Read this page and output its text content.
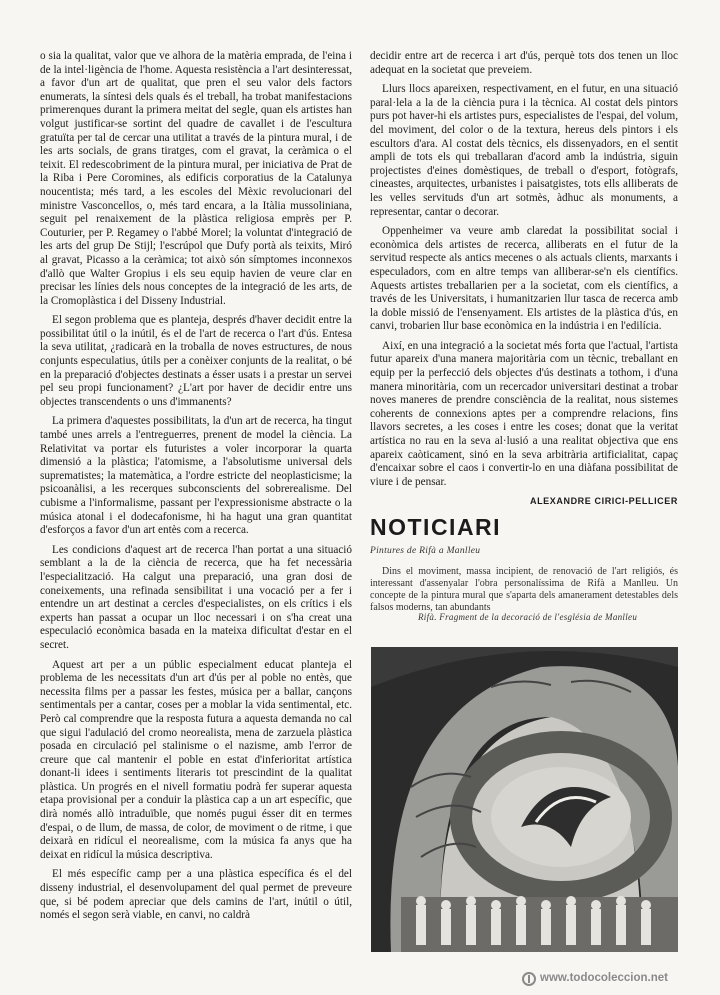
o sia la qualitat, valor que ve alhora de la matèria emprada, de l'eina i de la intel·ligència de l'home. Aquesta resistència a l'art desinteressat, a favor d'un art de qualitat, que pren el seu valor dels factors enumerats, la síntesi dels quals és el treball, ha trobat manifestacions primerenques durant la primera meitat del segle, quan els artistes han volgut justificar-se sortint del quadre de cavallet i de l'escultura gratuïta per tal de cercar una utilitat a través de la pintura mural, i de les arts socials, de grans tiratges, com el gravat, la ceràmica o el teixit. El redescobriment de la pintura mural, per iniciativa de Prat de la Riba i Pere Coromines, als edificis corporatius de la Catalunya noucentista; més tard, a les escoles del Mèxic revolucionari del ministre Vasconcellos, o, més tard encara, a la Itàlia mussoliniana, seguit pel renaixement de la plàstica religiosa emprès per P. Couturier, per P. Regamey o l'abbé Morel; la voluntat d'integració de les arts del grup De Stijl; l'escrúpol que Dufy portà als teixits, Miró al gravat, Picasso a la ceràmica; tot això són símptomes inconnexos d'allò que Walter Gropius i els seu equip havien de veure clar en precisar les línies dels nous conceptes de la integració de les arts, de la Cromoplàstica i del Disseny Industrial.

El segon problema que es planteja, després d'haver decidit entre la possibilitat útil o la inútil, és el de l'art de recerca o l'art d'ús. Entesa la seva utilitat, ¿radicarà en la troballa de noves estructures, de nous conjunts especulatius, útils per a conèixer conjunts de la realitat, o bé en la preparació d'objectes destinats a ésser usats i a prestar un servei pel seu propi funcionament? ¿L'art por haver de decidir entre uns objectes transcendents o uns d'immanents?

La primera d'aquestes possibilitats, la d'un art de recerca, ha tingut també unes arrels a l'entreguerres, prenent de model la ciència. La Relativitat va portar els futuristes a voler incorporar la quarta dimensió a la plàstica; l'atomisme, a l'absolutisme universal dels suprematistes; la matemàtica, a l'ordre estricte del neoplasticisme; la psicoanàlisi, a les recerques subconscients del sobrerealisme. Del cubisme a l'informalisme, passant per l'expressionisme abstracte o la música atonal i el dodecafonisme, hi ha hagut una gran quantitat d'esforços a favor d'un art entès com a recerca.

Les condicions d'aquest art de recerca l'han portat a una situació semblant a la de la ciència de recerca, que ha fet necessària l'especialització. Ha calgut una preparació, una gran dosi de coneixements, una refinada sensibilitat i una vocació per a fer i entendre un art destinat a cercles d'especialistes, on els crítics i els experts han passat a ocupar un lloc necessari i on s'ha creat una especulació econòmica basada en la mateixa dificultat d'estar en el secret.

Aquest art per a un públic especialment educat planteja el problema de les necessitats d'un art d'ús per al poble no entès, que necessita films per a passar les festes, música per a ballar, cançons sentimentals per a cantar, coses per a moblar la vida sentimental, etc. Però cal comprendre que la resposta futura a aquesta demanda no cal que sigui l'adulació del cromo neorealista, mena de zarzuela plàstica posada en circulació pel stalinisme o el nazisme, amb l'error de creure que cal mantenir el poble en estat d'inferioritat artística donant-li idees i sentiments literaris tot prescindint de la qualitat plàstica. Un progrés en el nivell formatiu podrà fer superar aquesta etapa provisional per a conduir la plàstica cap a un art específic, que dirà només allò intraduïble, que només pugui ésser dit en termes d'espai, o de llum, de massa, de color, de moviment o de ritme, i que deixarà en ridícul el neorealisme, com la música fa anys que ha deixat en ridícul la música descriptiva.

El més específic camp per a una plàstica específica és el del disseny industrial, el desenvolupament del qual permet de preveure que, si bé podem apreciar que dels camins de l'art, inútil o útil, només el segon serà viable, en canvi, no caldrà

decidir entre art de recerca i art d'ús, perquè tots dos tenen un lloc adequat en la societat que preveiem.

Llurs llocs apareixen, respectivament, en el futur, en una situació paral·lela a la de la ciència pura i la tècnica. Al costat dels pintors purs pot haver-hi els artistes purs, especialistes de l'espai, del volum, del moviment, del color o de la textura, hereus dels pintors i els escultors d'ara. Al costat dels tècnics, els dissenyadors, en el sentit ampli de tots els qui treballaran d'acord amb la indústria, siguin projectistes d'eines domèstiques, de treball o d'esport, fotògrafs, cineastes, arquitectes, urbanistes i paisatgistes, tots ells alliberats de les velles servituds d'un art sotmès, àdhuc als monuments, a representar, cantar o decorar.

Oppenheimer va veure amb claredat la possibilitat social i econòmica dels artistes de recerca, alliberats en el futur de la servitud respecte als antics mecenes o als actuals clients, marxants i especuladors, com en altre temps van alliberar-se'n els científics. Aquests artistes treballarien per a la societat, com els científics, a través de les Universitats, i humanitzarien llur tasca de recerca amb la doble missió de l'ensenyament. Els artistes de la plàstica d'ús, en canvi, trobarien llur base econòmica en la indústria i en l'edilícia.

Així, en una integració a la societat més forta que l'actual, l'artista futur apareix d'una manera majoritària com un tècnic, treballant en equip per la perfecció dels objectes d'ús destinats a tothom, i d'una manera minoritària, com un recercador universitari destinat a trobar noves maneres de prendre consciència de la realitat, nous sistemes coherents de connexions aptes per a comprendre relacions, fins llavors secretes, a les coses i entre les coses; donat que la veritat artística no rau en la seva al·lusió a una realitat objectiva que ens apareix caòticament, sinó en la seva arbitrària artificialitat, capaç d'encaixar sobre el caos i convertir-lo en una diàfana possibilitat de viure i de pensar.

ALEXANDRE CIRICI-PELLICER
NOTICIARI
Pintures de Rifà a Manlleu

Dins el moviment, massa incipient, de renovació de l'art religiós, és interessant d'assenyalar l'obra personalíssima de Rifà a Manlleu. Un concepte de la pintura mural que s'aparta dels amanerament detestables dels falsos moderns, tan abundants

Rifà. Fragment de la decoració de l'església de Manlleu
www.todocoleccion.net
